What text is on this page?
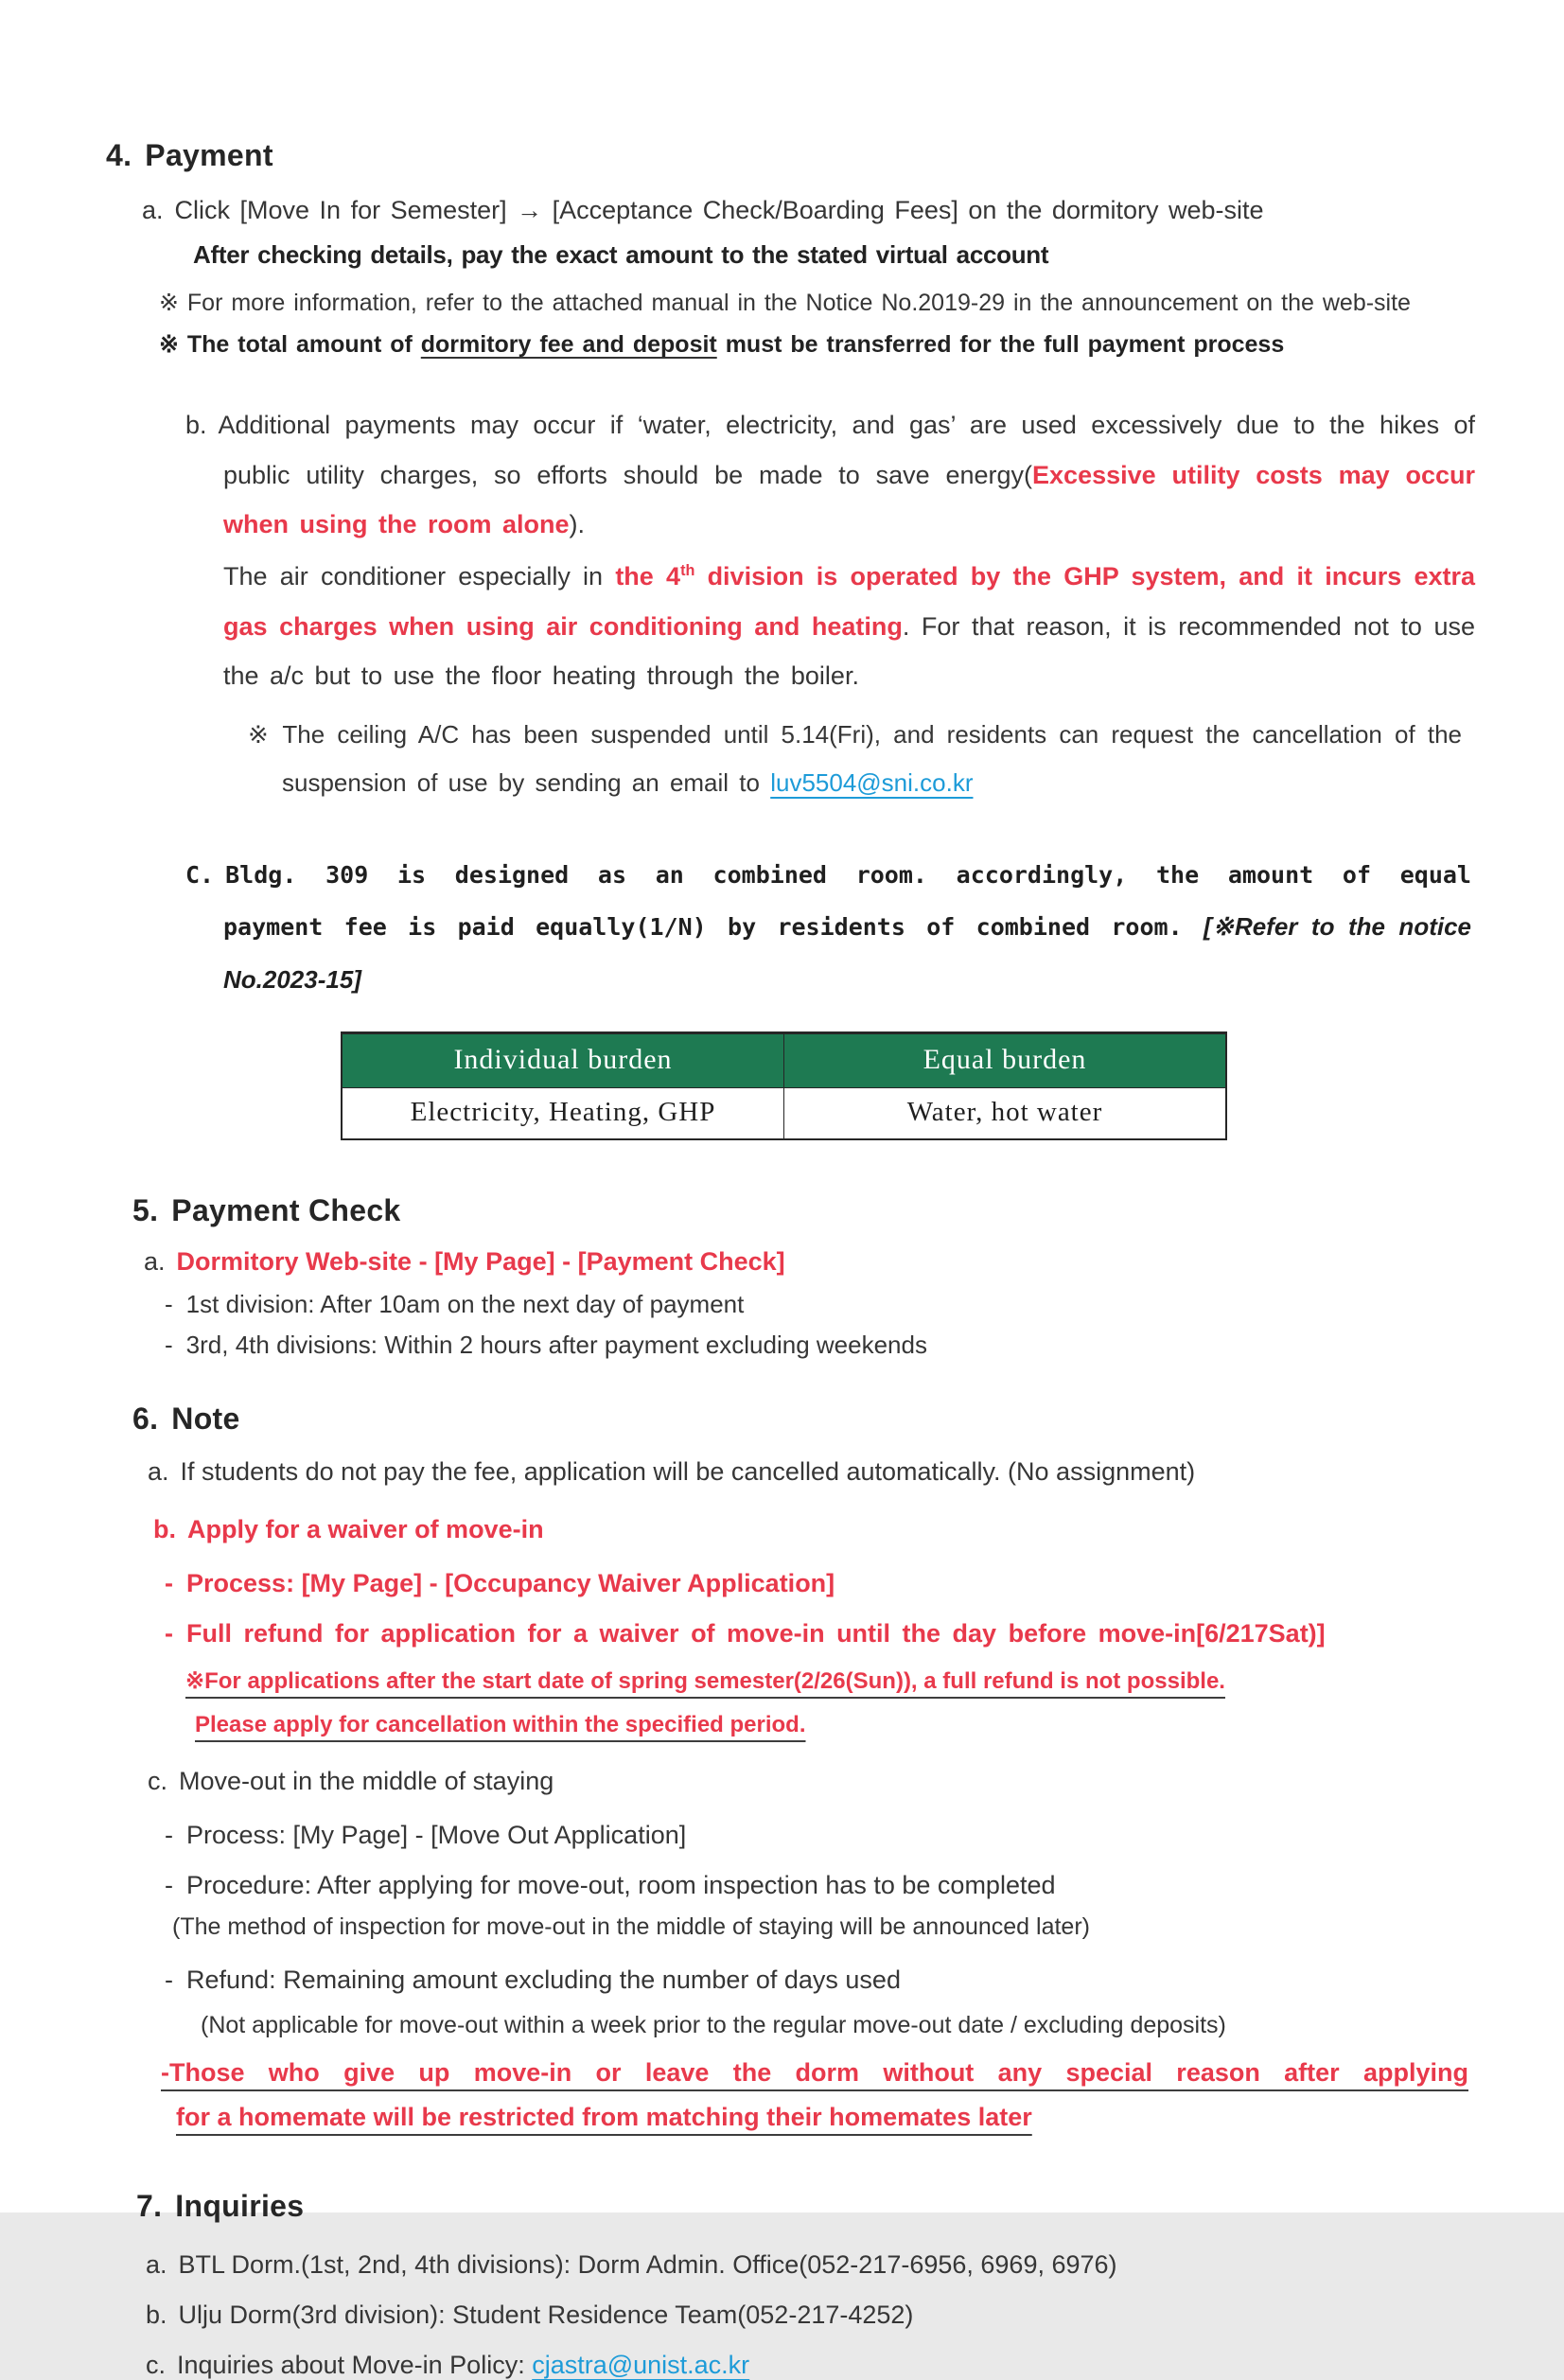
4. Payment
a. Click [Move In for Semester] → [Acceptance Check/Boarding Fees] on the dormitory web-site
After checking details, pay the exact amount to the stated virtual account
※ For more information, refer to the attached manual in the Notice No.2019-29 in the announcement on the web-site
※ The total amount of dormitory fee and deposit must be transferred for the full payment process
b. Additional payments may occur if ‘water, electricity, and gas’ are used excessively due to the hikes of public utility charges, so efforts should be made to save energy(Excessive utility costs may occur when using the room alone).
The air conditioner especially in the 4th division is operated by the GHP system, and it incurs extra gas charges when using air conditioning and heating. For that reason, it is recommended not to use the a/c but to use the floor heating through the boiler.
※ The ceiling A/C has been suspended until 5.14(Fri), and residents can request the cancellation of the suspension of use by sending an email to luv5504@sni.co.kr
C. Bldg. 309 is designed as an combined room. accordingly, the amount of equal payment fee is paid equally(1/N) by residents of combined room. [※Refer to the notice No.2023-15]
Individual burden	Equal burden
Electricity, Heating, GHP	Water, hot water
5. Payment Check
a. Dormitory Web-site - [My Page] - [Payment Check]
- 1st division: After 10am on the next day of payment
- 3rd, 4th divisions: Within 2 hours after payment excluding weekends
6. Note
a. If students do not pay the fee, application will be cancelled automatically. (No assignment)
b. Apply for a waiver of move-in
- Process: [My Page] - [Occupancy Waiver Application]
- Full refund for application for a waiver of move-in until the day before move-in[6/217Sat)]
※For applications after the start date of spring semester(2/26(Sun)), a full refund is not possible.
Please apply for cancellation within the specified period.
c. Move-out in the middle of staying
- Process: [My Page] - [Move Out Application]
- Procedure: After applying for move-out, room inspection has to be completed
(The method of inspection for move-out in the middle of staying will be announced later)
- Refund: Remaining amount excluding the number of days used
(Not applicable for move-out within a week prior to the regular move-out date / excluding deposits)
-Those who give up move-in or leave the dorm without any special reason after applying
for a homemate will be restricted from matching their homemates later
7. Inquiries
a. BTL Dorm.(1st, 2nd, 4th divisions): Dorm Admin. Office(052-217-6956, 6969, 6976)
b. Ulju Dorm(3rd division): Student Residence Team(052-217-4252)
c. Inquiries about Move-in Policy: cjastra@unist.ac.kr
